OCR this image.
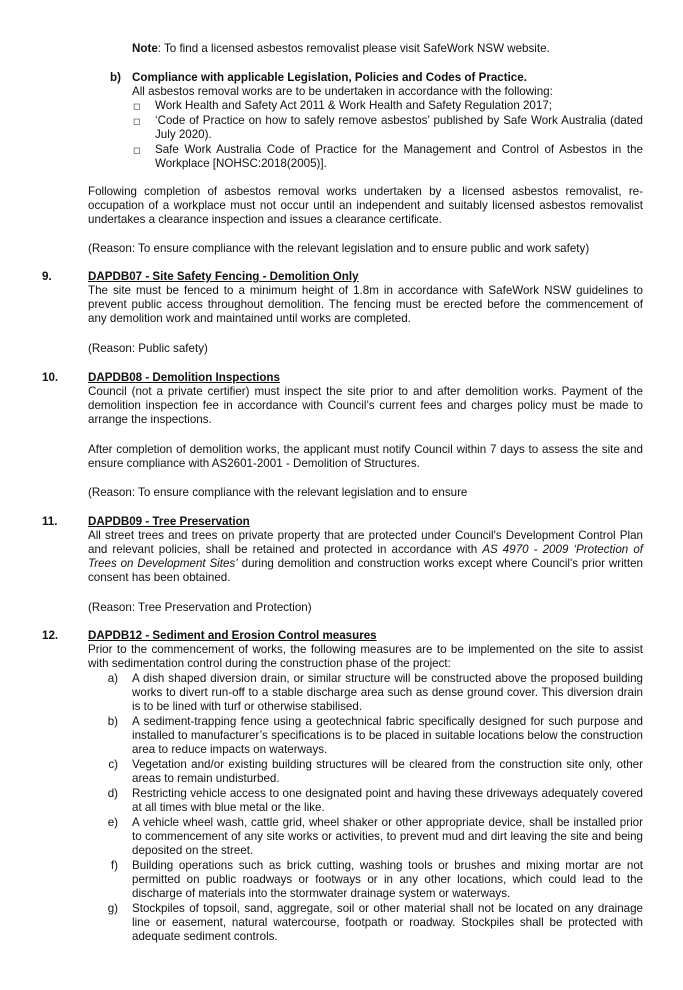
Note: To find a licensed asbestos removalist please visit SafeWork NSW website.

b) Compliance with applicable Legislation, Policies and Codes of Practice.

All asbestos removal works are to be undertaken in accordance with the following:

◻ Work Health and Safety Act 2011 & Work Health and Safety Regulation 2017;

◻ ‘Code of Practice on how to safely remove asbestos’ published by Safe Work Australia (dated July 2020).

◻ Safe Work Australia Code of Practice for the Management and Control of Asbestos in the Workplace [NOHSC:2018(2005)].

Following completion of asbestos removal works undertaken by a licensed asbestos removalist, re-occupation of a workplace must not occur until an independent and suitably licensed asbestos removalist undertakes a clearance inspection and issues a clearance certificate.

(Reason: To ensure compliance with the relevant legislation and to ensure public and work safety)

9.	DAPDB07 - Site Safety Fencing - Demolition Only

The site must be fenced to a minimum height of 1.8m in accordance with SafeWork NSW guidelines to prevent public access throughout demolition. The fencing must be erected before the commencement of any demolition work and maintained until works are completed.

(Reason: Public safety)

10.	DAPDB08 - Demolition Inspections

Council (not a private certifier) must inspect the site prior to and after demolition works. Payment of the demolition inspection fee in accordance with Council’s current fees and charges policy must be made to arrange the inspections.

After completion of demolition works, the applicant must notify Council within 7 days to assess the site and ensure compliance with AS2601-2001 - Demolition of Structures.

(Reason: To ensure compliance with the relevant legislation and to ensure

11.	DAPDB09 - Tree Preservation

All street trees and trees on private property that are protected under Council's Development Control Plan and relevant policies, shall be retained and protected in accordance with AS 4970 - 2009 ‘Protection of Trees on Development Sites’ during demolition and construction works except where Council's prior written consent has been obtained.

(Reason: Tree Preservation and Protection)

12.	DAPDB12 - Sediment and Erosion Control measures

Prior to the commencement of works, the following measures are to be implemented on the site to assist with sedimentation control during the construction phase of the project:

a) A dish shaped diversion drain, or similar structure will be constructed above the proposed building works to divert run-off to a stable discharge area such as dense ground cover. This diversion drain is to be lined with turf or otherwise stabilised.

b) A sediment-trapping fence using a geotechnical fabric specifically designed for such purpose and installed to manufacturer’s specifications is to be placed in suitable locations below the construction area to reduce impacts on waterways.

c) Vegetation and/or existing building structures will be cleared from the construction site only, other areas to remain undisturbed.

d) Restricting vehicle access to one designated point and having these driveways adequately covered at all times with blue metal or the like.

e) A vehicle wheel wash, cattle grid, wheel shaker or other appropriate device, shall be installed prior to commencement of any site works or activities, to prevent mud and dirt leaving the site and being deposited on the street.

f) Building operations such as brick cutting, washing tools or brushes and mixing mortar are not permitted on public roadways or footways or in any other locations, which could lead to the discharge of materials into the stormwater drainage system or waterways.

g) Stockpiles of topsoil, sand, aggregate, soil or other material shall not be located on any drainage line or easement, natural watercourse, footpath or roadway. Stockpiles shall be protected with adequate sediment controls.
